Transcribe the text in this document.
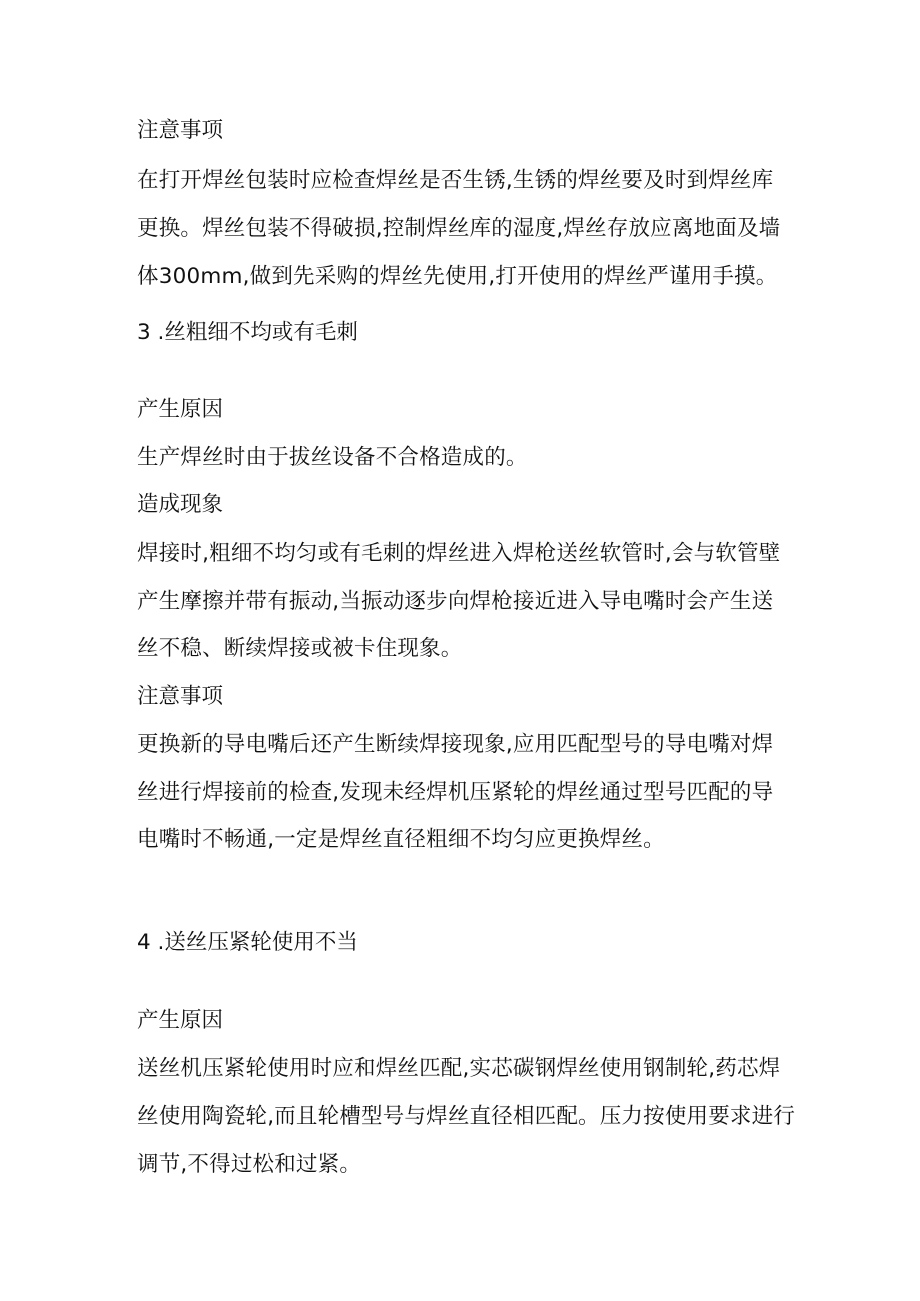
注意事项

在打开焊丝包装时应检查焊丝是否生锈,生锈的焊丝要及时到焊丝库

更换。焊丝包装不得破损,控制焊丝库的湿度,焊丝存放应离地面及墙

体300mm,做到先采购的焊丝先使用,打开使用的焊丝严谨用手摸。

3 .丝粗细不均或有毛刺

产生原因

生产焊丝时由于拔丝设备不合格造成的。

造成现象

焊接时,粗细不均匀或有毛刺的焊丝进入焊枪送丝软管时,会与软管壁

产生摩擦并带有振动,当振动逐步向焊枪接近进入导电嘴时会产生送

丝不稳、断续焊接或被卡住现象。

注意事项

更换新的导电嘴后还产生断续焊接现象,应用匹配型号的导电嘴对焊

丝进行焊接前的检查,发现未经焊机压紧轮的焊丝通过型号匹配的导

电嘴时不畅通,一定是焊丝直径粗细不均匀应更换焊丝。

4 .送丝压紧轮使用不当

产生原因

送丝机压紧轮使用时应和焊丝匹配,实芯碳钢焊丝使用钢制轮,药芯焊

丝使用陶瓷轮,而且轮槽型号与焊丝直径相匹配。压力按使用要求进行

调节,不得过松和过紧。
